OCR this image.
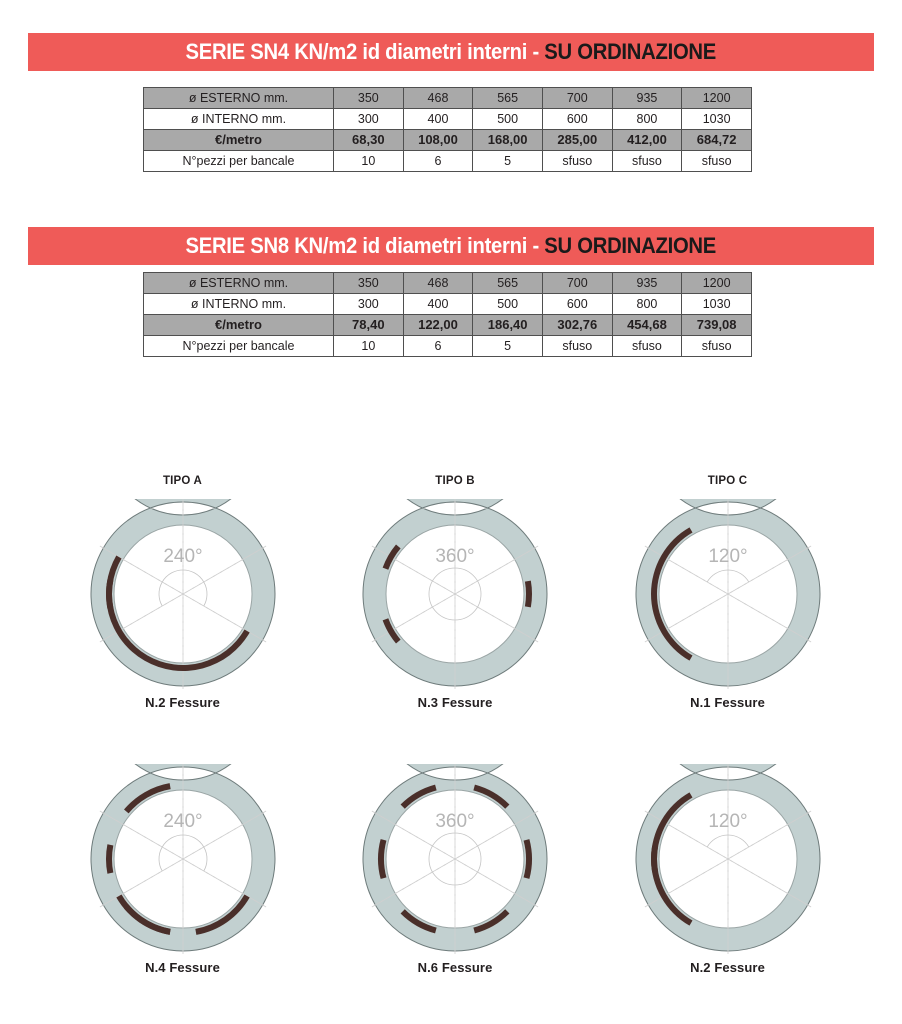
SERIE SN4 KN/m2 id diametri interni - SU ORDINAZIONE
SERIE SN8 KN/m2 id diametri interni - SU ORDINAZIONE
ø ESTERNO mm.	350	468	565	700	935	1200
ø INTERNO mm.	300	400	500	600	800	1030
€/metro	68,30	108,00	168,00	285,00	412,00	684,72
N°pezzi per bancale	10	6	5	sfuso	sfuso	sfuso
ø ESTERNO mm.	350	468	565	700	935	1200
ø INTERNO mm.	300	400	500	600	800	1030
€/metro	78,40	122,00	186,40	302,76	454,68	739,08
N°pezzi per bancale	10	6	5	sfuso	sfuso	sfuso
TIPO A
240°
N.2 Fessure
TIPO B
360°
N.3 Fessure
TIPO C
120°
N.1 Fessure
240°
N.4 Fessure
360°
N.6 Fessure
120°
N.2 Fessure
